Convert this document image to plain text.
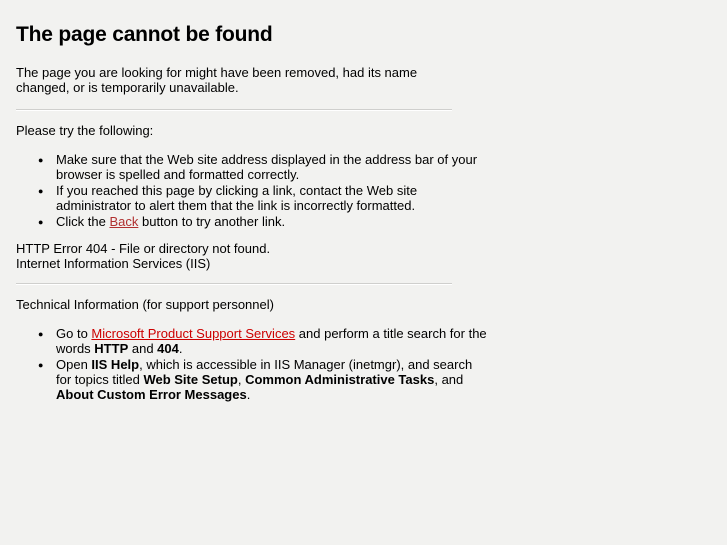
The page cannot be found

The page you are looking for might have been removed, had its name changed, or is temporarily unavailable.

Please try the following:

● Make sure that the Web site address displayed in the address bar of your browser is spelled and formatted correctly.
● If you reached this page by clicking a link, contact the Web site administrator to alert them that the link is incorrectly formatted.
● Click the Back button to try another link.

HTTP Error 404 - File or directory not found.

Internet Information Services (IIS)

Technical Information (for support personnel)

● Go to Microsoft Product Support Services and perform a title search for the words HTTP and 404.
● Open IIS Help, which is accessible in IIS Manager (inetmgr), and search for topics titled Web Site Setup, Common Administrative Tasks, and About Custom Error Messages.
